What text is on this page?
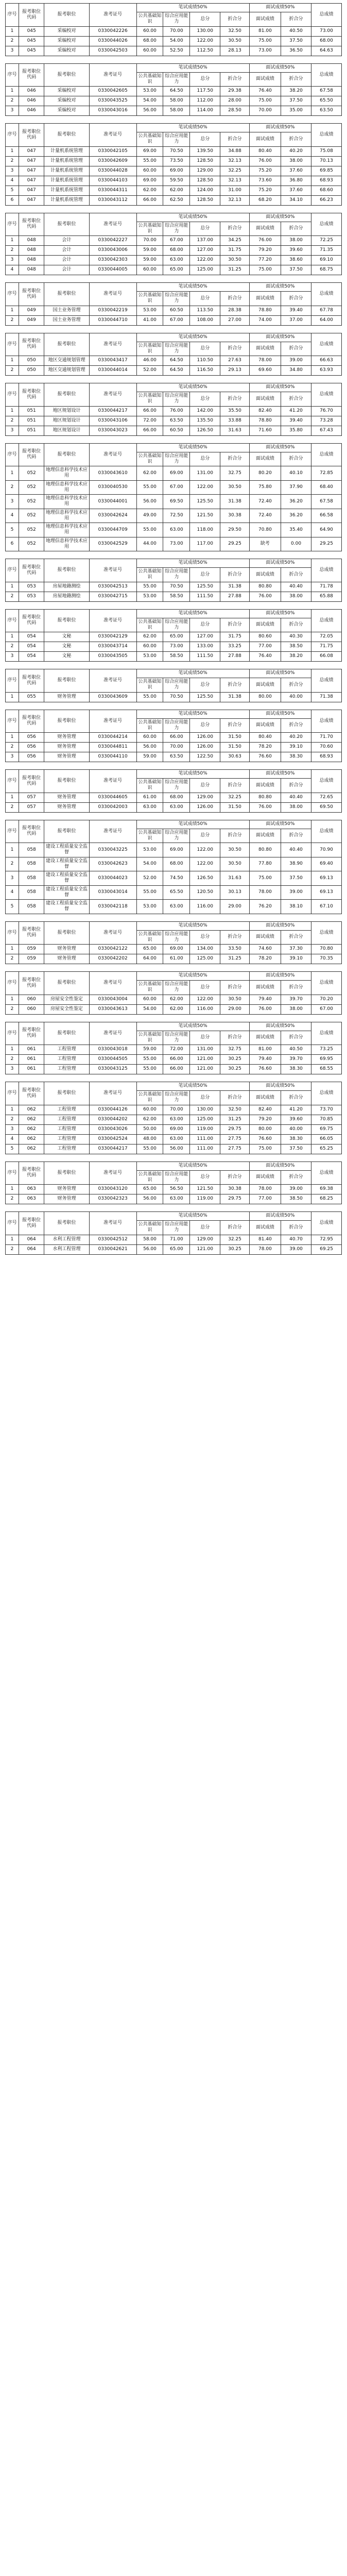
序号	报考职位代码	报考职位	准考证号	笔试成绩50%				面试成绩50%		总成绩
				公共基础知识	综合应用能力	总分	折合分	面试成绩	折合分	
1	045	采编校对	0330042226	60.00	70.00	130.00	32.50	81.00	40.50	73.00
2	045	采编校对	0330044026	68.00	54.00	122.00	30.50	75.00	37.50	68.00
3	045	采编校对	0330042503	60.00	52.50	112.50	28.13	73.00	36.50	64.63
序号	报考职位代码	报考职位	准考证号	笔试成绩50%				面试成绩50%		总成绩
				公共基础知识	综合应用能力	总分	折合分	面试成绩	折合分	
1	046	采编校对	0330042605	53.00	64.50	117.50	29.38	76.40	38.20	67.58
2	046	采编校对	0330043525	54.00	58.00	112.00	28.00	75.00	37.50	65.50
3	046	采编校对	0330043016	56.00	58.00	114.00	28.50	70.00	35.00	63.50
序号	报考职位代码	报考职位	准考证号	笔试成绩50%				面试成绩50%		总成绩
				公共基础知识	综合应用能力	总分	折合分	面试成绩	折合分	
1	047	计量机系统管理	0330042105	69.00	70.50	139.50	34.88	80.40	40.20	75.08
2	047	计量机系统管理	0330042609	55.00	73.50	128.50	32.13	76.00	38.00	70.13
3	047	计量机系统管理	0330044028	60.00	69.00	129.00	32.25	75.20	37.60	69.85
4	047	计量机系统管理	0330044103	69.00	59.50	128.50	32.13	73.60	36.80	68.93
5	047	计量机系统管理	0330044311	62.00	62.00	124.00	31.00	75.20	37.60	68.60
6	047	计量机系统管理	0330043112	66.00	62.50	128.50	32.13	68.20	34.10	66.23
序号	报考职位代码	报考职位	准考证号	笔试成绩50%				面试成绩50%		总成绩
				公共基础知识	综合应用能力	总分	折合分	面试成绩	折合分	
1	048	会计	0330042227	70.00	67.00	137.00	34.25	76.00	38.00	72.25
2	048	会计	0330043006	59.00	68.00	127.00	31.75	79.20	39.60	71.35
3	048	会计	0330042303	59.00	63.00	122.00	30.50	77.20	38.60	69.10
4	048	会计	0330044005	60.00	65.00	125.00	31.25	75.00	37.50	68.75
序号	报考职位代码	报考职位	准考证号	笔试成绩50%				面试成绩50%		总成绩
				公共基础知识	综合应用能力	总分	折合分	面试成绩	折合分	
1	049	国土业务管理	0330042219	53.00	60.50	113.50	28.38	78.80	39.40	67.78
2	049	国土业务管理	0330044710	41.00	67.00	108.00	27.00	74.00	37.00	64.00
序号	报考职位代码	报考职位	准考证号	笔试成绩50%				面试成绩50%		总成绩
				公共基础知识	综合应用能力	总分	折合分	面试成绩	折合分	
1	050	地区交通规划管理	0330043417	46.00	64.50	110.50	27.63	78.00	39.00	66.63
2	050	地区交通规划管理	0330044014	52.00	64.50	116.50	29.13	69.60	34.80	63.93
序号	报考职位代码	报考职位	准考证号	笔试成绩50%				面试成绩50%		总成绩
				公共基础知识	综合应用能力	总分	折合分	面试成绩	折合分	
1	051	地区规划设计	0330044217	66.00	76.00	142.00	35.50	82.40	41.20	76.70
2	051	地区规划设计	0330043106	72.00	63.50	135.50	33.88	78.80	39.40	73.28
3	051	地区规划设计	0330043023	66.00	60.50	126.50	31.63	71.60	35.80	67.43
序号	报考职位代码	报考职位	准考证号	笔试成绩50%				面试成绩50%		总成绩
				公共基础知识	综合应用能力	总分	折合分	面试成绩	折合分	
1	052	地理信息科学技术应用	0330043610	62.00	69.00	131.00	32.75	80.20	40.10	72.85
2	052	地理信息科学技术应用	0330040530	55.00	67.00	122.00	30.50	75.80	37.90	68.40
3	052	地理信息科学技术应用	0330044001	56.00	69.50	125.50	31.38	72.40	36.20	67.58
4	052	地理信息科学技术应用	0330042624	49.00	72.50	121.50	30.38	72.40	36.20	66.58
5	052	地理信息科学技术应用	0330044709	55.00	63.00	118.00	29.50	70.80	35.40	64.90
6	052	地理信息科学技术应用	0330042529	44.00	73.00	117.00	29.25	缺考	0.00	29.25
序号	报考职位代码	报考职位	准考证号	笔试成绩50%				面试成绩50%		总成绩
				公共基础知识	综合应用能力	总分	折合分	面试成绩	折合分	
1	053	房屋地籍测绘	0330042513	55.00	70.50	125.50	31.38	80.80	40.40	71.78
2	053	房屋地籍测绘	0330042715	53.00	58.50	111.50	27.88	76.00	38.00	65.88
序号	报考职位代码	报考职位	准考证号	笔试成绩50%				面试成绩50%		总成绩
				公共基础知识	综合应用能力	总分	折合分	面试成绩	折合分	
1	054	文秘	0330042129	62.00	65.00	127.00	31.75	80.60	40.30	72.05
2	054	文秘	0330043714	60.00	73.00	133.00	33.25	77.00	38.50	71.75
3	054	文秘	0330043505	53.00	58.50	111.50	27.88	76.40	38.20	66.08
序号	报考职位代码	报考职位	准考证号	笔试成绩50%				面试成绩50%		总成绩
				公共基础知识	综合应用能力	总分	折合分	面试成绩	折合分	
1	055	财务管理	0330043609	55.00	70.50	125.50	31.38	80.00	40.00	71.38
序号	报考职位代码	报考职位	准考证号	笔试成绩50%				面试成绩50%		总成绩
				公共基础知识	综合应用能力	总分	折合分	面试成绩	折合分	
1	056	财务管理	0330044214	60.00	66.00	126.00	31.50	80.40	40.20	71.70
2	056	财务管理	0330044811	56.00	70.00	126.00	31.50	78.20	39.10	70.60
3	056	财务管理	0330044110	59.00	63.50	122.50	30.63	76.60	38.30	68.93
序号	报考职位代码	报考职位	准考证号	笔试成绩50%				面试成绩50%		总成绩
				公共基础知识	综合应用能力	总分	折合分	面试成绩	折合分	
1	057	财务管理	0330044605	61.00	68.00	129.00	32.25	80.80	40.40	72.65
2	057	财务管理	0330042003	63.00	63.00	126.00	31.50	76.00	38.00	69.50
序号	报考职位代码	报考职位	准考证号	笔试成绩50%				面试成绩50%		总成绩
				公共基础知识	综合应用能力	总分	折合分	面试成绩	折合分	
1	058	建设工程质量安全监督	0330043225	53.00	69.00	122.00	30.50	80.80	40.40	70.90
2	058	建设工程质量安全监督	0330042623	54.00	68.00	122.00	30.50	77.80	38.90	69.40
3	058	建设工程质量安全监督	0330044023	52.00	74.50	126.50	31.63	75.00	37.50	69.13
4	058	建设工程质量安全监督	0330043014	55.00	65.50	120.50	30.13	78.00	39.00	69.13
5	058	建设工程质量安全监督	0330042118	53.00	63.00	116.00	29.00	76.20	38.10	67.10
序号	报考职位代码	报考职位	准考证号	笔试成绩50%				面试成绩50%		总成绩
				公共基础知识	综合应用能力	总分	折合分	面试成绩	折合分	
1	059	财务管理	0330042122	65.00	69.00	134.00	33.50	74.60	37.30	70.80
2	059	财务管理	0330042202	64.00	61.00	125.00	31.25	78.20	39.10	70.35
序号	报考职位代码	报考职位	准考证号	笔试成绩50%				面试成绩50%		总成绩
				公共基础知识	综合应用能力	总分	折合分	面试成绩	折合分	
1	060	房屋安全性鉴定	0330043004	60.00	62.00	122.00	30.50	79.40	39.70	70.20
2	060	房屋安全性鉴定	0330043613	54.00	62.00	116.00	29.00	76.00	38.00	67.00
序号	报考职位代码	报考职位	准考证号	笔试成绩50%				面试成绩50%		总成绩
				公共基础知识	综合应用能力	总分	折合分	面试成绩	折合分	
1	061	工程管理	0330043018	59.00	72.00	131.00	32.75	81.00	40.50	73.25
2	061	工程管理	0330044505	55.00	66.00	121.00	30.25	79.40	39.70	69.95
3	061	工程管理	0330043125	55.00	66.00	121.00	30.25	76.60	38.30	68.55
序号	报考职位代码	报考职位	准考证号	笔试成绩50%				面试成绩50%		总成绩
				公共基础知识	综合应用能力	总分	折合分	面试成绩	折合分	
1	062	工程管理	0330044126	60.00	70.00	130.00	32.50	82.40	41.20	73.70
2	062	工程管理	0330044202	62.00	63.00	125.00	31.25	79.20	39.60	70.85
3	062	工程管理	0330043026	50.00	69.00	119.00	29.75	80.00	40.00	69.75
4	062	工程管理	0330042524	48.00	63.00	111.00	27.75	76.60	38.30	66.05
5	062	工程管理	0330044217	55.00	56.00	111.00	27.75	75.00	37.50	65.25
序号	报考职位代码	报考职位	准考证号	笔试成绩50%				面试成绩50%		总成绩
				公共基础知识	综合应用能力	总分	折合分	面试成绩	折合分	
1	063	财务管理	0330043120	65.00	56.50	121.50	30.38	78.00	39.00	69.38
2	063	财务管理	0330042323	56.00	63.00	119.00	29.75	77.00	38.50	68.25
序号	报考职位代码	报考职位	准考证号	笔试成绩50%				面试成绩50%		总成绩
				公共基础知识	综合应用能力	总分	折合分	面试成绩	折合分	
1	064	水利工程管理	0330042512	58.00	71.00	129.00	32.25	81.40	40.70	72.95
2	064	水利工程管理	0330042621	56.00	65.00	121.00	30.25	78.00	39.00	69.25
